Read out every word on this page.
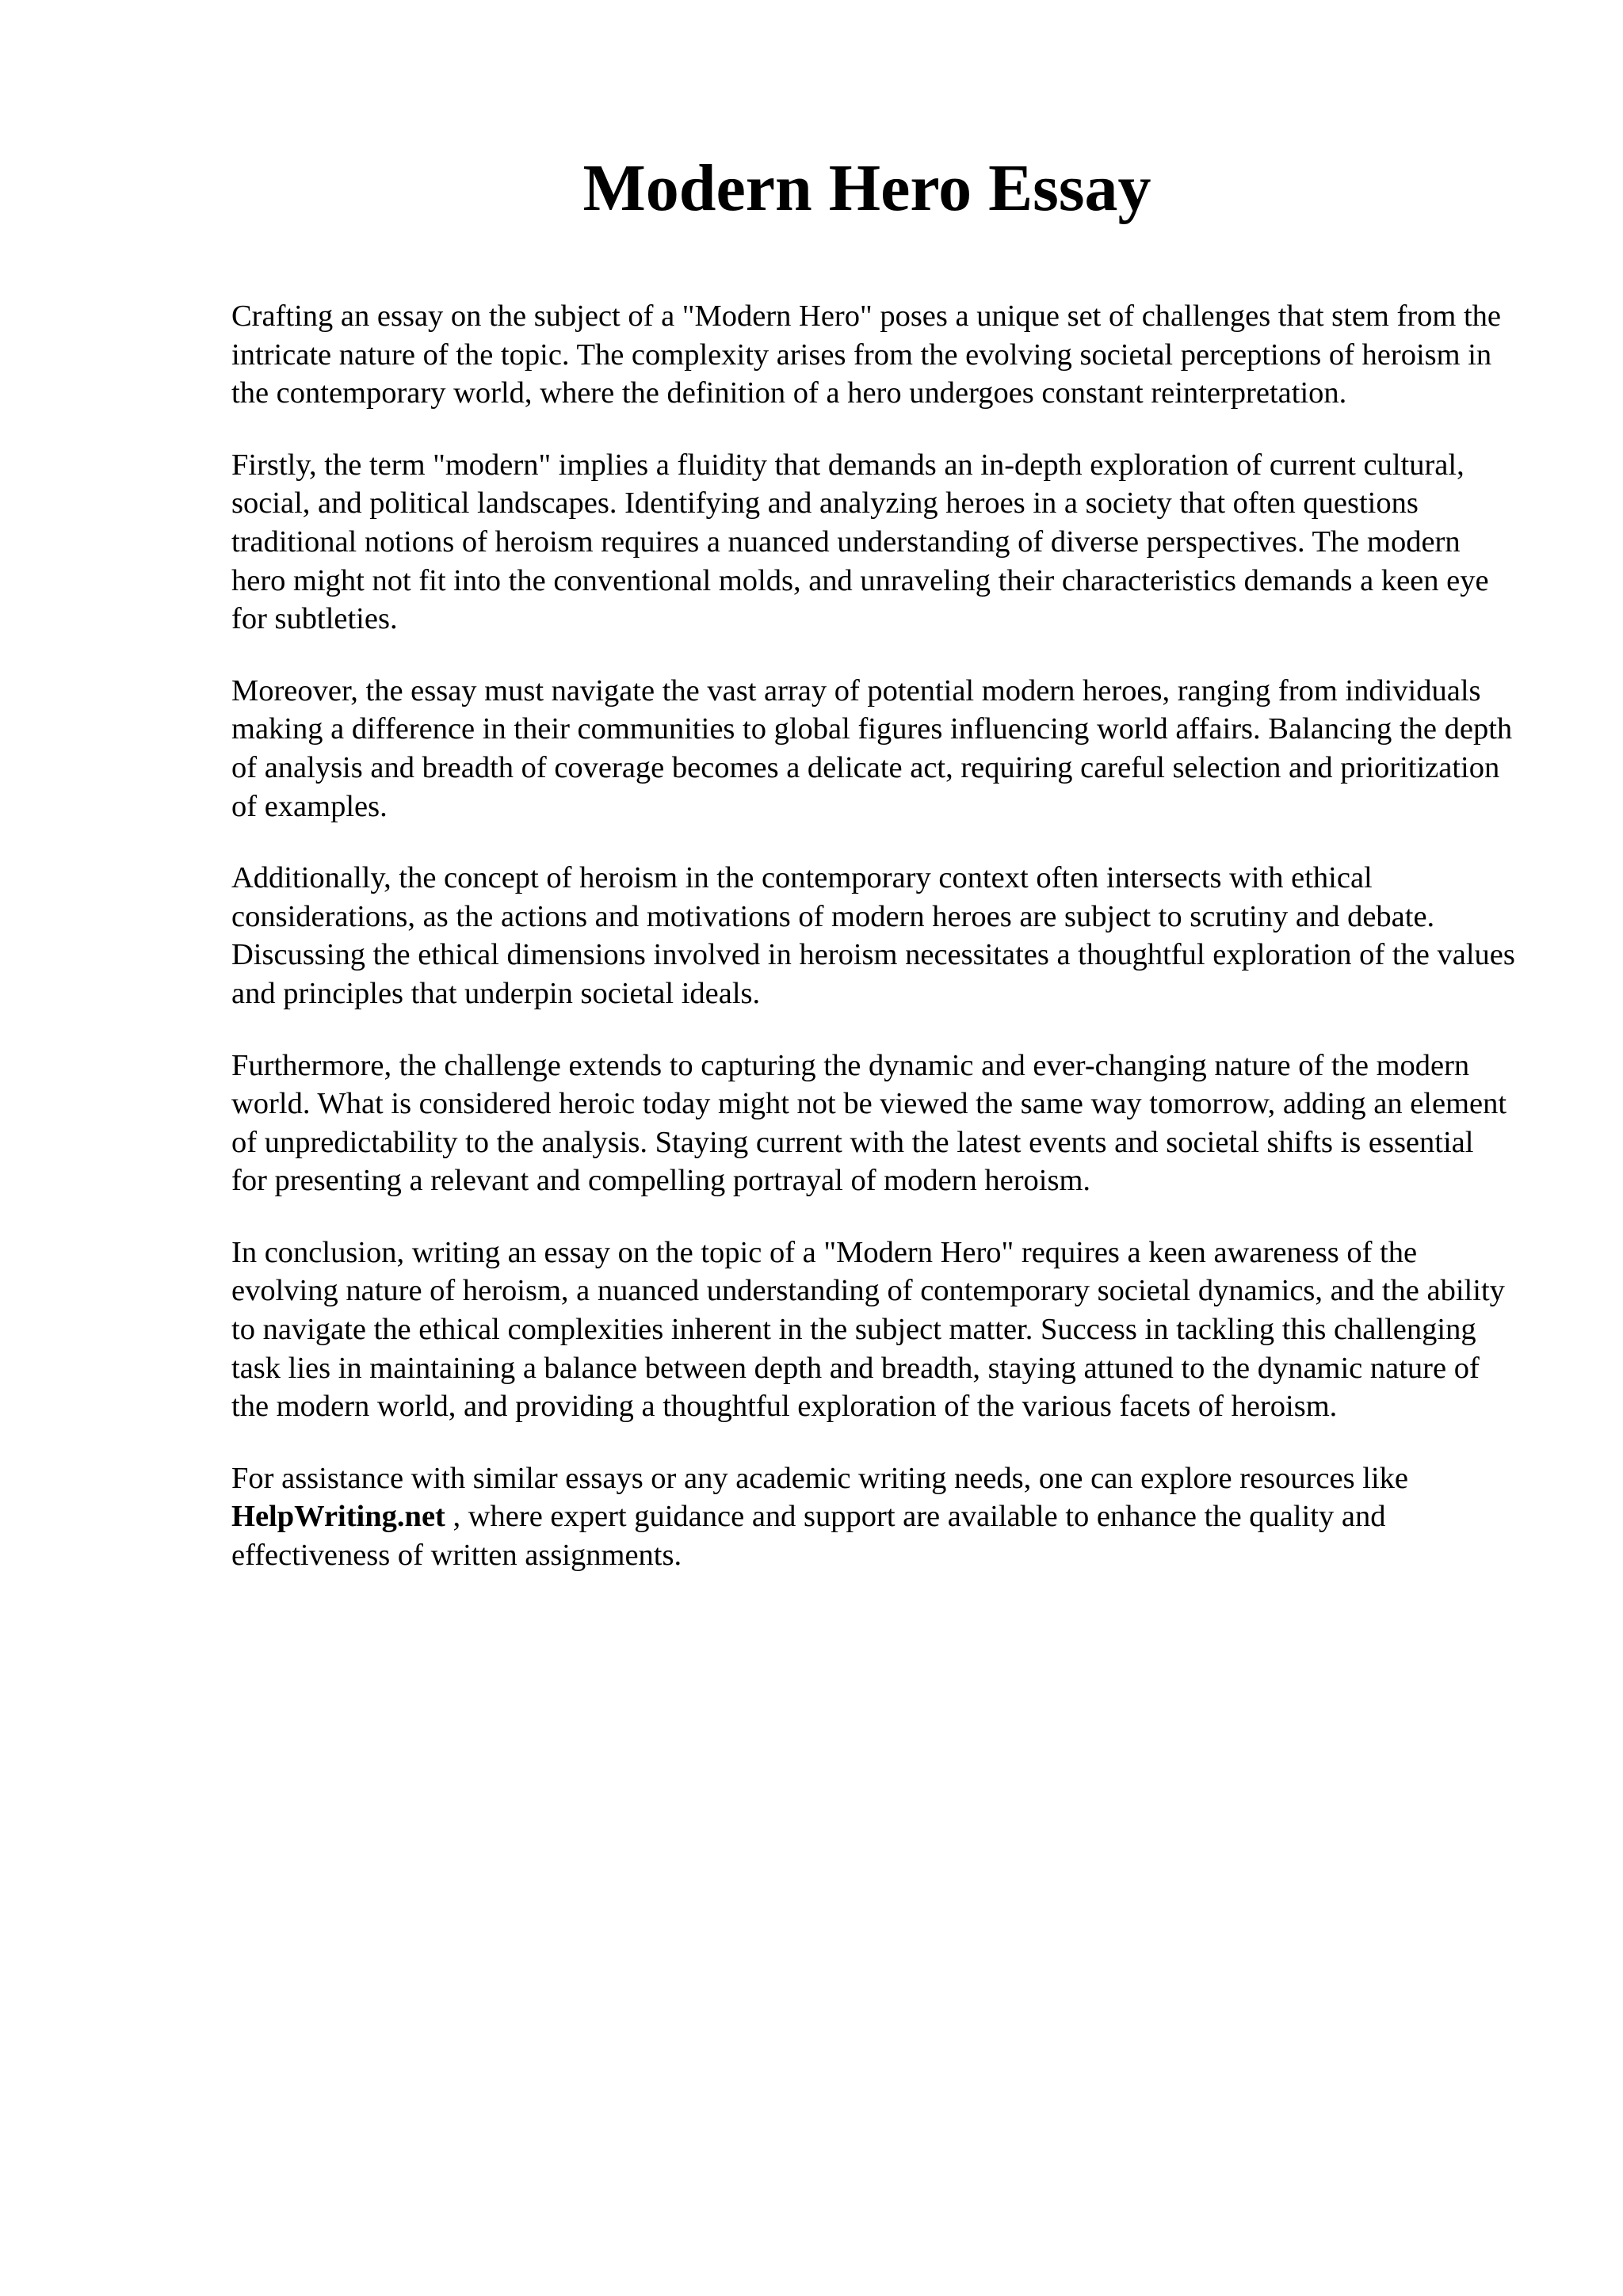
Modern Hero Essay

Crafting an essay on the subject of a "Modern Hero" poses a unique set of challenges that stem from the intricate nature of the topic. The complexity arises from the evolving societal perceptions of heroism in the contemporary world, where the definition of a hero undergoes constant reinterpretation.

Firstly, the term "modern" implies a fluidity that demands an in-depth exploration of current cultural, social, and political landscapes. Identifying and analyzing heroes in a society that often questions traditional notions of heroism requires a nuanced understanding of diverse perspectives. The modern hero might not fit into the conventional molds, and unraveling their characteristics demands a keen eye for subtleties.

Moreover, the essay must navigate the vast array of potential modern heroes, ranging from individuals making a difference in their communities to global figures influencing world affairs. Balancing the depth of analysis and breadth of coverage becomes a delicate act, requiring careful selection and prioritization of examples.

Additionally, the concept of heroism in the contemporary context often intersects with ethical considerations, as the actions and motivations of modern heroes are subject to scrutiny and debate. Discussing the ethical dimensions involved in heroism necessitates a thoughtful exploration of the values and principles that underpin societal ideals.

Furthermore, the challenge extends to capturing the dynamic and ever-changing nature of the modern world. What is considered heroic today might not be viewed the same way tomorrow, adding an element of unpredictability to the analysis. Staying current with the latest events and societal shifts is essential for presenting a relevant and compelling portrayal of modern heroism.

In conclusion, writing an essay on the topic of a "Modern Hero" requires a keen awareness of the evolving nature of heroism, a nuanced understanding of contemporary societal dynamics, and the ability to navigate the ethical complexities inherent in the subject matter. Success in tackling this challenging task lies in maintaining a balance between depth and breadth, staying attuned to the dynamic nature of the modern world, and providing a thoughtful exploration of the various facets of heroism.

For assistance with similar essays or any academic writing needs, one can explore resources like HelpWriting.net , where expert guidance and support are available to enhance the quality and effectiveness of written assignments.
